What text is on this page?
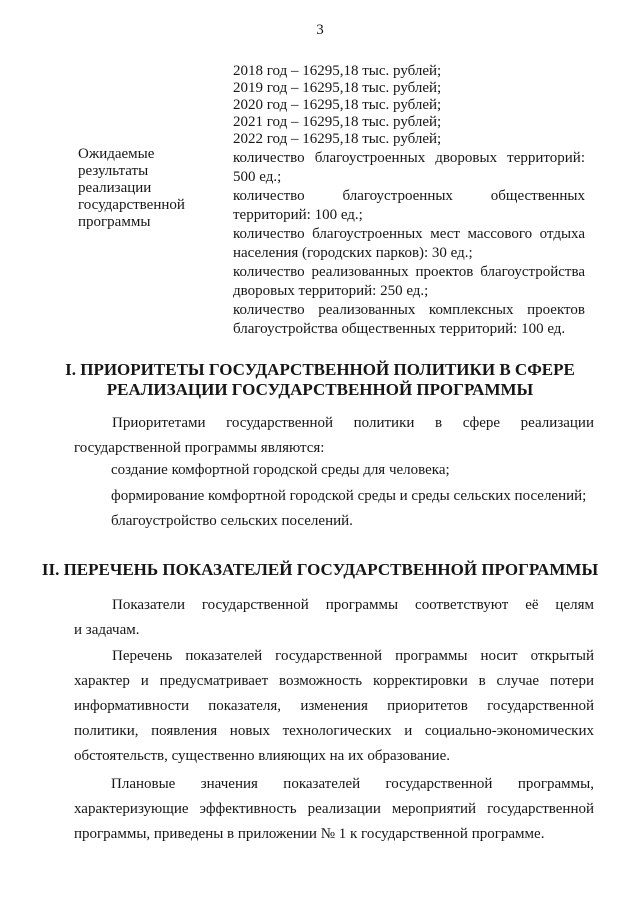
3
2018 год – 16295,18 тыс. рублей;
2019 год – 16295,18 тыс. рублей;
2020 год – 16295,18 тыс. рублей;
2021 год – 16295,18 тыс. рублей;
2022 год – 16295,18 тыс. рублей;
Ожидаемые
результаты
реализации
государственной
программы

количество благоустроенных дворовых территорий: 500 ед.;

количество благоустроенных общественных территорий: 100 ед.;

количество благоустроенных мест массового отдыха населения (городских парков): 30 ед.;

количество реализованных проектов благоустройства дворовых территорий: 250 ед.;

количество реализованных комплексных проектов благоустройства общественных территорий: 100 ед.

I. ПРИОРИТЕТЫ ГОСУДАРСТВЕННОЙ ПОЛИТИКИ В СФЕРЕ
РЕАЛИЗАЦИИ ГОСУДАРСТВЕННОЙ ПРОГРАММЫ
Приоритетами государственной политики в сфере реализации
государственной программы являются:
создание комфортной городской среды для человека;
формирование комфортной городской среды и среды сельских поселений;
благоустройство сельских поселений.
II. ПЕРЕЧЕНЬ ПОКАЗАТЕЛЕЙ ГОСУДАРСТВЕННОЙ ПРОГРАММЫ
Показатели государственной программы соответствуют её целям
и задачам.
Перечень показателей государственной программы носит открытый
характер и предусматривает возможность корректировки в случае потери
информативности показателя, изменения приоритетов государственной
политики, появления новых технологических и социально-экономических
обстоятельств, существенно влияющих на их образование.
Плановые значения показателей государственной программы,
характеризующие эффективность реализации мероприятий государственной
программы, приведены в приложении № 1 к государственной программе.
